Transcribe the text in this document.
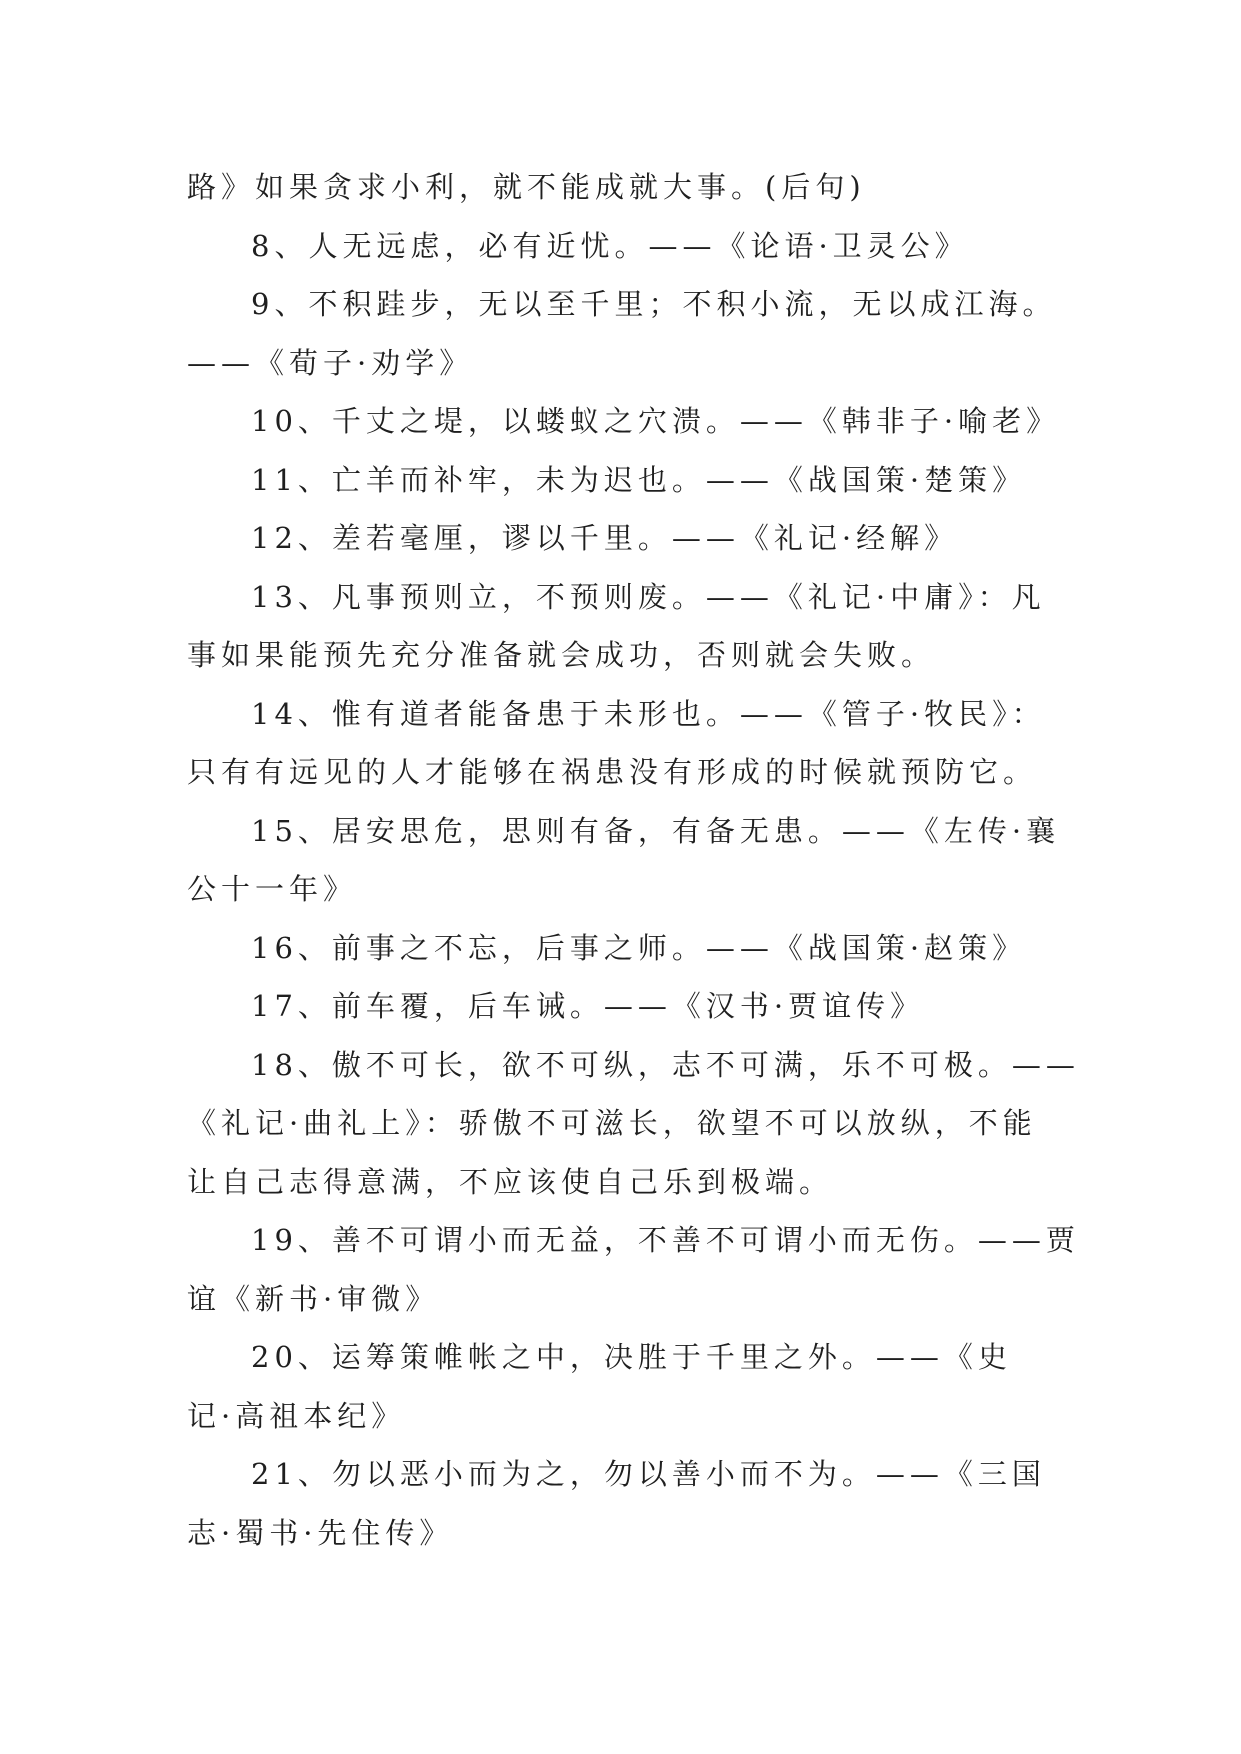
路》如果贪求小利，就不能成就大事。(后句)
8、人无远虑，必有近忧。——《论语·卫灵公》
9、不积跬步，无以至千里；不积小流，无以成江海。
——《荀子·劝学》
10、千丈之堤，以蝼蚁之穴溃。——《韩非子·喻老》
11、亡羊而补牢，未为迟也。——《战国策·楚策》
12、差若毫厘，谬以千里。——《礼记·经解》
13、凡事预则立，不预则废。——《礼记·中庸》：凡
事如果能预先充分准备就会成功，否则就会失败。
14、惟有道者能备患于未形也。——《管子·牧民》：
只有有远见的人才能够在祸患没有形成的时候就预防它。
15、居安思危，思则有备，有备无患。——《左传·襄
公十一年》
16、前事之不忘，后事之师。——《战国策·赵策》
17、前车覆，后车诫。——《汉书·贾谊传》
18、傲不可长，欲不可纵，志不可满，乐不可极。——
《礼记·曲礼上》：骄傲不可滋长，欲望不可以放纵，不能
让自己志得意满，不应该使自己乐到极端。
19、善不可谓小而无益，不善不可谓小而无伤。——贾
谊《新书·审微》
20、运筹策帷帐之中，决胜于千里之外。——《史
记·高祖本纪》
21、勿以恶小而为之，勿以善小而不为。——《三国
志·蜀书·先住传》
